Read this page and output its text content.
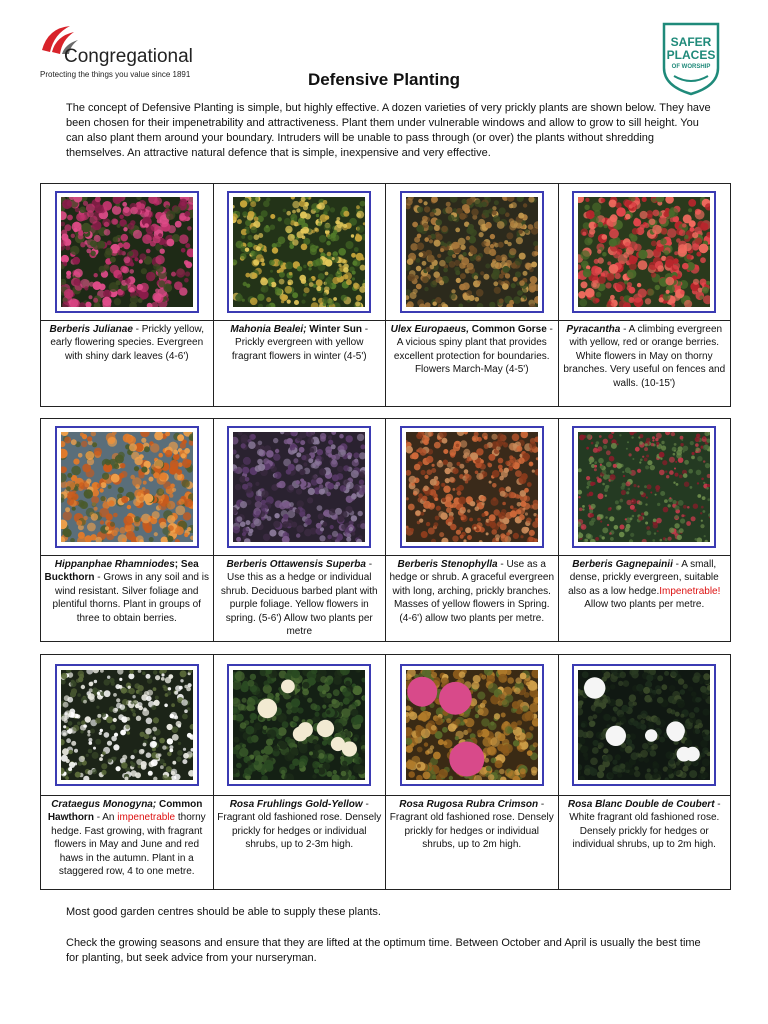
Congregational
Protecting the things you value since 1891
SAFER
PLACES
OF WORSHIP
Defensive Planting

The concept of Defensive Planting is simple, but highly effective. A dozen varieties of very prickly plants are shown below. They have been chosen for their impenetrability and attractiveness. Plant them under vulnerable windows and allow to grow to sill height. You can also plant them around your boundary. Intruders will be unable to pass through (or over) the plants without shredding themselves. An attractive natural defence that is simple, inexpensive and very effective.

Berberis Julianae - Prickly yellow, early flowering species. Evergreen with shiny dark leaves (4-6')
Mahonia Bealei; Winter Sun - Prickly evergreen with yellow fragrant flowers in winter (4-5')
Ulex Europaeus, Common Gorse - A vicious spiny plant that provides excellent protection for boundaries. Flowers March-May (4-5')
Pyracantha - A climbing evergreen with yellow, red or orange berries. White flowers in May on thorny branches. Very useful on fences and walls. (10-15')
Hippanphae Rhamniodes; Sea Buckthorn - Grows in any soil and is wind resistant. Silver foliage and plentiful thorns. Plant in groups of three to obtain berries.
Berberis Ottawensis Superba - Use this as a hedge or individual shrub. Deciduous barbed plant with purple foliage. Yellow flowers in spring. (5-6') Allow two plants per metre
Berberis Stenophylla - Use as a hedge or shrub. A graceful evergreen with long, arching, prickly branches. Masses of yellow flowers in Spring. (4-6') allow two plants per metre.
Berberis Gagnepainii - A small, dense, prickly evergreen, suitable also as a low hedge.Impenetrable! Allow two plants per metre.
Crataegus Monogyna; Common Hawthorn - An impenetrable thorny hedge. Fast growing, with fragrant flowers in May and June and red haws in the autumn. Plant in a staggered row, 4 to one metre.
Rosa Fruhlings Gold-Yellow - Fragrant old fashioned rose. Densely prickly for hedges or individual shrubs, up to 2-3m high.
Rosa Rugosa Rubra Crimson - Fragrant old fashioned rose. Densely prickly for hedges or individual shrubs, up to 2m high.
Rosa Blanc Double de Coubert - White fragrant old fashioned rose. Densely prickly for hedges or individual shrubs, up to 2m high.

Most good garden centres should be able to supply these plants.

Check the growing seasons and ensure that they are lifted at the optimum time. Between October and April is usually the best time for planting, but seek advice from your nurseryman.
